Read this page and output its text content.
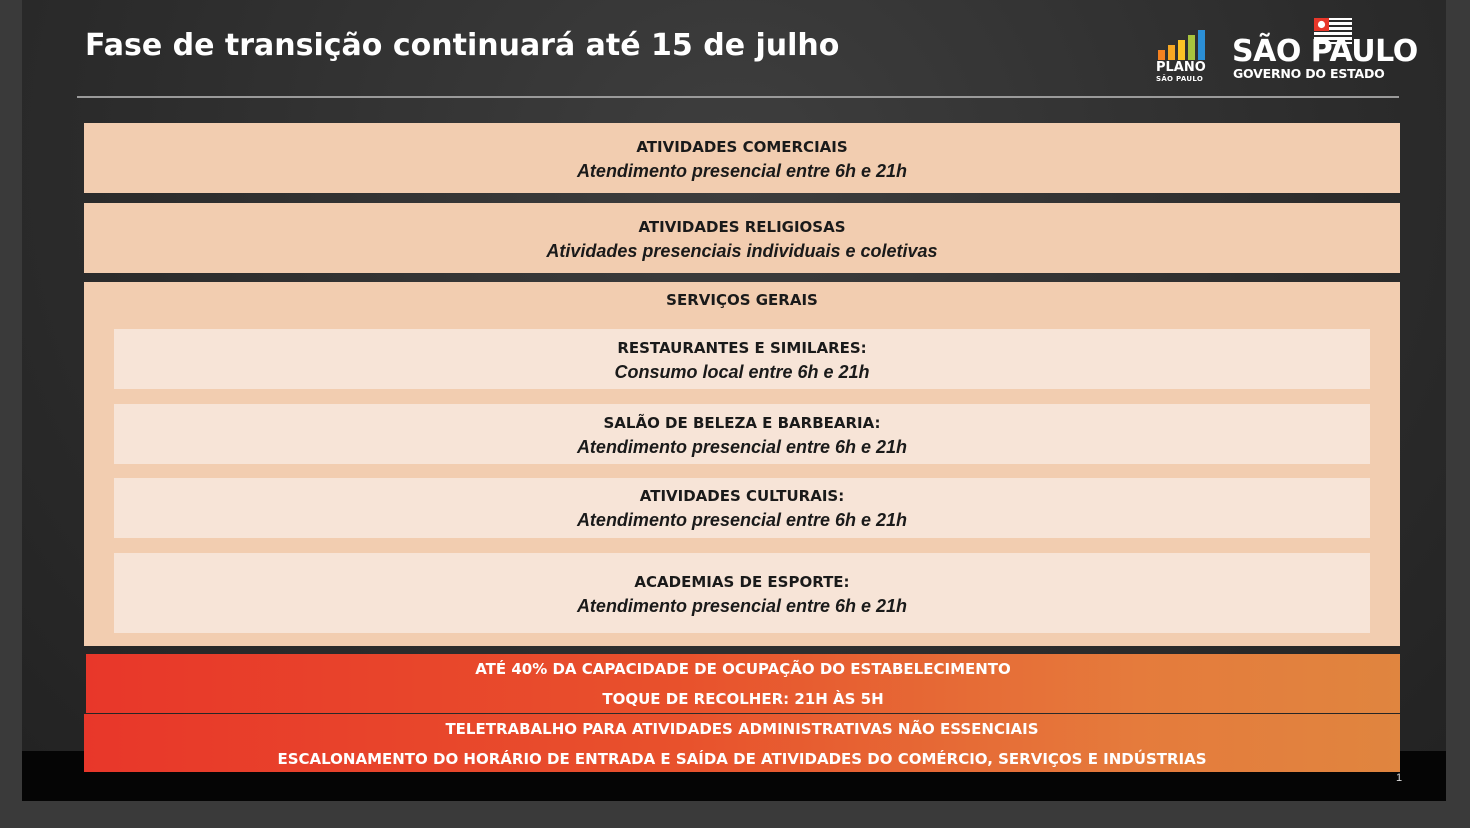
Fase de transição continuará até 15 de julho
PLANO
SÃO PAULO
SÃO PAULO
GOVERNO DO ESTADO
ATIVIDADES COMERCIAIS
Atendimento presencial entre 6h e 21h
ATIVIDADES RELIGIOSAS
Atividades presenciais individuais e coletivas
SERVIÇOS GERAIS
RESTAURANTES E SIMILARES:
Consumo local entre 6h e 21h
SALÃO DE BELEZA E BARBEARIA:
Atendimento presencial entre 6h e 21h
ATIVIDADES CULTURAIS:
Atendimento presencial entre 6h e 21h
ACADEMIAS DE ESPORTE:
Atendimento presencial entre 6h e 21h
ATÉ 40% DA CAPACIDADE DE OCUPAÇÃO DO ESTABELECIMENTO
TOQUE DE RECOLHER: 21H ÀS 5H
TELETRABALHO PARA ATIVIDADES ADMINISTRATIVAS NÃO ESSENCIAIS
ESCALONAMENTO DO HORÁRIO DE ENTRADA E SAÍDA DE ATIVIDADES DO COMÉRCIO, SERVIÇOS E INDÚSTRIAS
1
